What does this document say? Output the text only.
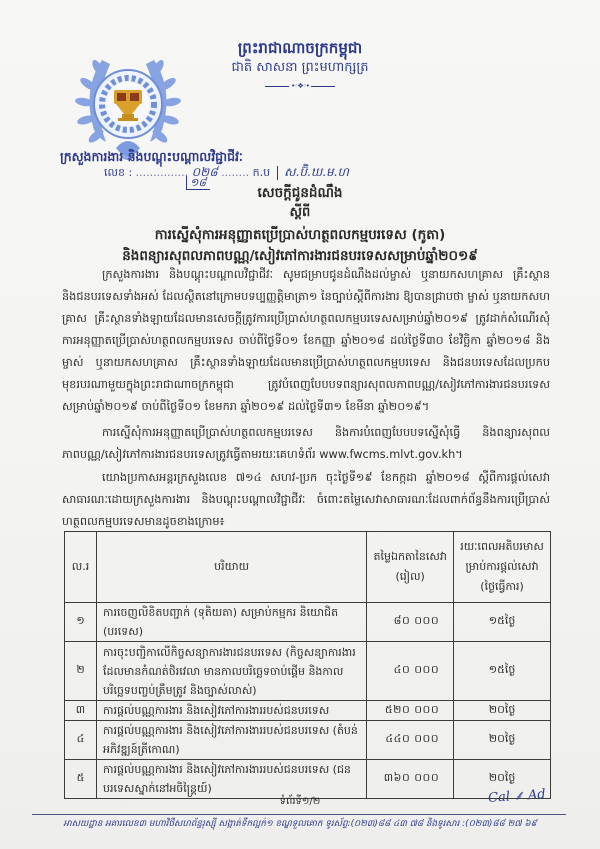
ព្រះរាជាណាចក្រកម្ពុជា
ជាតិ សាសនា ព្រះមហាក្សត្រ
•◦❖◦•
ក្រសួងការងារ និងបណ្តុះបណ្តាលវិជ្ជាជីវៈ
លេខ : ............... ០២៨ ........ ក.ប ស.ប៊ិ.ឃ.ម.ហ
១៨
សេចក្តីជូនដំណឹង
ស្តីពី
ការស្នើសុំការអនុញ្ញាតប្រើប្រាស់ហត្ថពលកម្មបរទេស (កូតា)
និងពន្យារសុពលភាពបណ្ណ/សៀវភៅការងារជនបរទេសសម្រាប់ឆ្នាំ២០១៩
ក្រសួងការងារ និងបណ្តុះបណ្តាលវិជ្ជាជីវៈ សូមជម្រាបជូនដំណឹងដល់ម្ចាស់ ឬនាយកសហគ្រាស គ្រឹះស្ថាន និងជនបរទេសទាំងអស់ ដែលស្ថិតនៅក្រោមបទប្បញ្ញត្តិមាត្រា១ នៃច្បាប់ស្តីពីការងារ ឱ្យបានជ្រាបថា ម្ចាស់ ឬនាយកសហគ្រាស គ្រឹះស្ថានទាំងឡាយដែលមានសេចក្តីត្រូវការប្រើប្រាស់ហត្ថពលកម្មបរទេសសម្រាប់ឆ្នាំ២០១៩ ត្រូវដាក់សំណើរសុំការអនុញ្ញាតប្រើប្រាស់ហត្ថពលកម្មបរទេស ចាប់ពីថ្ងៃទី០១ ខែកញ្ញា ឆ្នាំ២០១៨ ដល់ថ្ងៃទី៣០ ខែវិច្ឆិកា ឆ្នាំ២០១៨ និងម្ចាស់ ឬនាយកសហគ្រាស គ្រឹះស្ថានទាំងឡាយដែលមានប្រើប្រាស់ហត្ថពលកម្មបរទេស និងជនបរទេសដែលប្រកបមុខរបរណាមួយក្នុងព្រះរាជាណាចក្រកម្ពុជា ត្រូវបំពេញបែបបទពន្យារសុពលភាពបណ្ណ/សៀវភៅការងារជនបរទេសសម្រាប់ឆ្នាំ២០១៩ ចាប់ពីថ្ងៃទី០១ ខែមករា ឆ្នាំ២០១៩ ដល់ថ្ងៃទី៣១ ខែមីនា ឆ្នាំ២០១៩។
ការស្នើសុំការអនុញ្ញាតប្រើប្រាស់ហត្ថពលកម្មបរទេស និងការបំពេញបែបបទស្នើសុំធ្វើ និងពន្យារសុពលភាពបណ្ណ/សៀវភៅការងារជនបរទេសត្រូវធ្វើតាមរយៈគេហទំព័រ www.fwcms.mlvt.gov.kh។
យោងប្រកាសអន្តរក្រសួងលេខ ៧១៤ សហវ-ប្រក ចុះថ្ងៃទី១៩ ខែកក្កដា ឆ្នាំ២០១៨ ស្តីពីការផ្តល់សេវាសាធារណៈដោយក្រសួងការងារ និងបណ្តុះបណ្តាលវិជ្ជាជីវៈ ចំពោះតម្លៃសេវាសាធារណៈដែលពាក់ព័ន្ធនឹងការប្រើប្រាស់ហត្ថពលកម្មបរទេសមានដូចខាងក្រោម៖
ល.រ	បរិយាយ	តម្លៃឯកតានៃសេវា (រៀល)	រយៈពេលអតិបរមាសម្រាប់ការផ្តល់សេវា (ថ្ងៃធ្វើការ)
១	ការចេញលិខិតបញ្ជាក់ (ទុតិយតា) សម្រាប់កម្មករ និយោជិត (បរទេស)	៨០ ០០០	១៥ថ្ងៃ
២	ការចុះបញ្ជិកាលើកិច្ចសន្យាការងារជនបរទេស (កិច្ចសន្យាការងារដែលមានកំណត់ថិរវេលា មានកាលបរិច្ឆេទចាប់ផ្តើម និងកាលបរិច្ឆេទបញ្ចប់ត្រឹមត្រូវ និងច្បាស់លាស់)	៤០ ០០០	១៥ថ្ងៃ
៣	ការផ្តល់បណ្ណការងារ និងសៀវភៅការងាររបស់ជនបរទេស	៥២០ ០០០	២០ថ្ងៃ
៤	ការផ្តល់បណ្ណការងារ និងសៀវភៅការងាររបស់ជនបរទេស (តំបន់អភិវឌ្ឍន៍ត្រីកោណ)	៤៤០ ០០០	២០ថ្ងៃ
៥	ការផ្តល់បណ្ណការងារ និងសៀវភៅការងាររបស់ជនបរទេស (ជនបរទេសស្នាក់នៅអចិន្ត្រៃយ៍)	៣៦០ ០០០	២០ថ្ងៃ
ទំព័រទី១/២	Cal ⸙ Ad
អាសយដ្ឋាន អគារលេខ៣ មហាវិថីសហព័ន្ធរុស្ស៊ី សង្កាត់ទឹកល្អក់១ ខណ្ឌទួលគោក ទូរស័ព្ទ:(០២៣)៨៨ ៤៣ ៧៨ និងទូរសារ :(០២៣)៨៨ ២៧ ៦៩
